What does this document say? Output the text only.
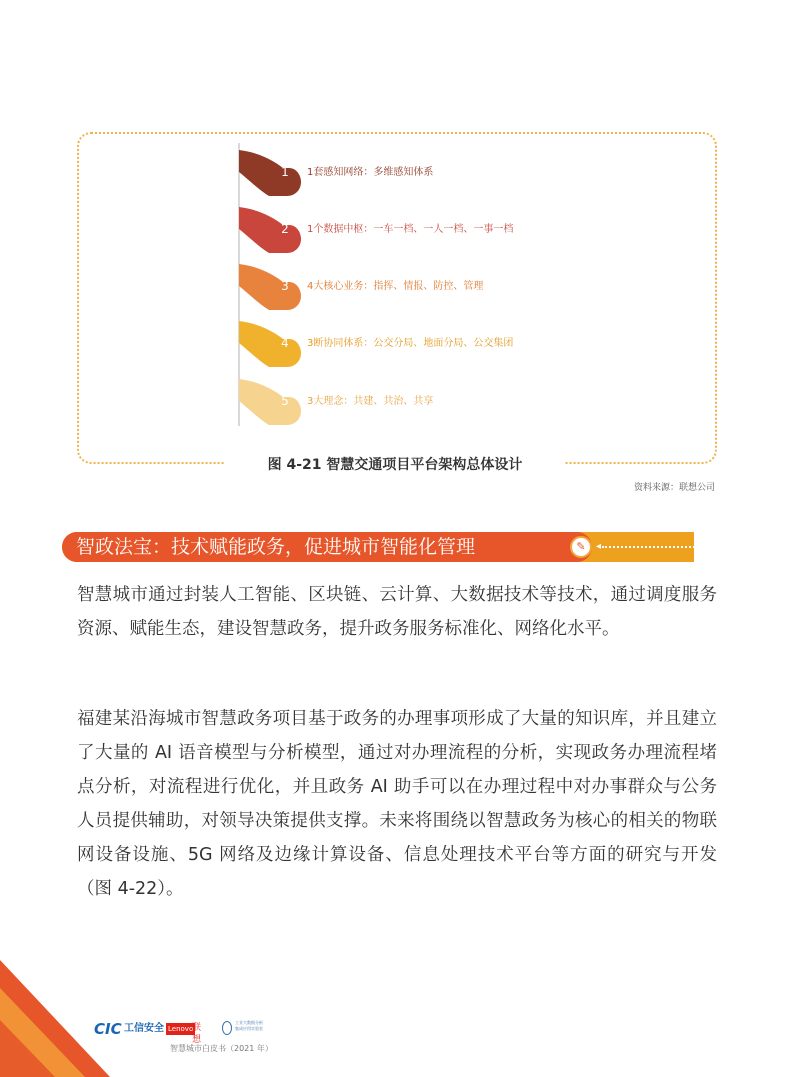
1	1套感知网络：多维感知体系
2	1个数据中枢：一车一档、一人一档、一事一档
3	4大核心业务：指挥、情报、防控、管理
4	3断协同体系：公交分局、地面分局、公交集团
5	3大理念：共建、共治、共享
图 4-21 智慧交通项目平台架构总体设计
资料来源：联想公司
智政法宝：技术赋能政务，促进城市智能化管理	✎	◂

智慧城市通过封装人工智能、区块链、云计算、大数据技术等技术，通过调度服务资源、赋能生态，建设智慧政务，提升政务服务标准化、网络化水平。

福建某沿海城市智慧政务项目基于政务的办理事项形成了大量的知识库，并且建立了大量的 AI 语音模型与分析模型，通过对办理流程的分析，实现政务办理流程堵点分析，对流程进行优化，并且政务 AI 助手可以在办理过程中对办事群众与公务人员提供辅助，对领导决策提供支撑。未来将围绕以智慧政务为核心的相关的物联网设备设施、5G 网络及边缘计算设备、信息处理技术平台等方面的研究与开发（图 4-22）。

56
CIC 工信安全 Lenovo
联想
工业大数据分析
集成应用实验室
智慧城市白皮书（2021 年）
